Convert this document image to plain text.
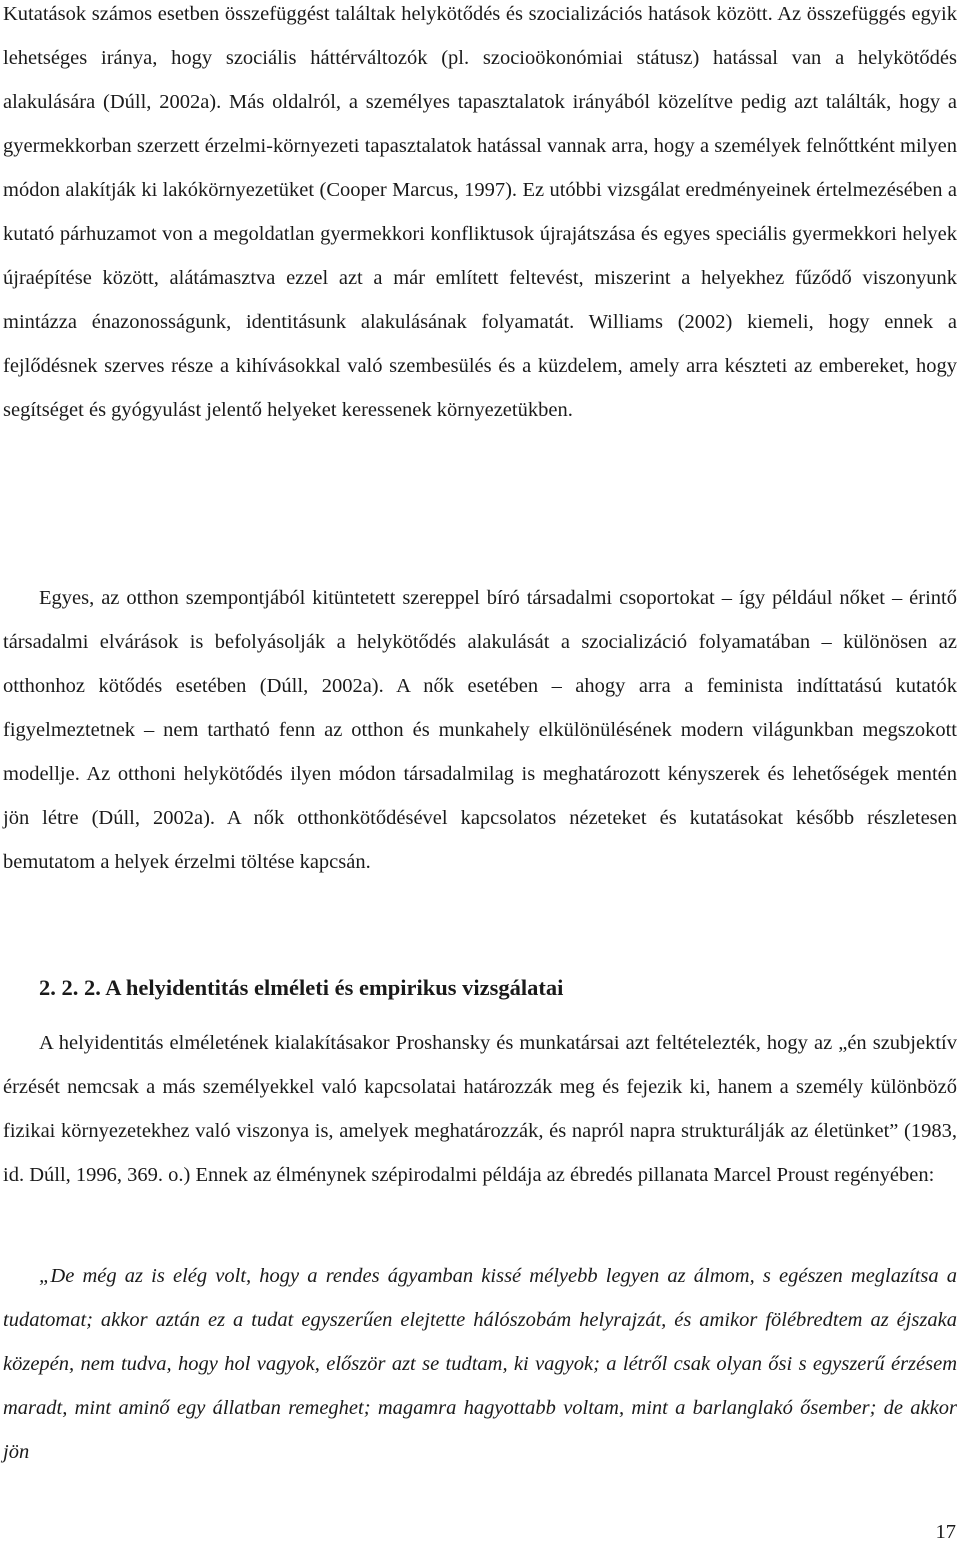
Kutatások számos esetben összefüggést találtak helykötődés és szocializációs hatások között. Az összefüggés egyik lehetséges iránya, hogy szociális háttérváltozók (pl. szocioökonómiai státusz) hatással van a helykötődés alakulására (Dúll, 2002a). Más oldalról, a személyes tapasztalatok irányából közelítve pedig azt találták, hogy a gyermekkorban szerzett érzelmi-környezeti tapasztalatok hatással vannak arra, hogy a személyek felnőttként milyen módon alakítják ki lakókörnyezetüket (Cooper Marcus, 1997). Ez utóbbi vizsgálat eredményeinek értelmezésében a kutató párhuzamot von a megoldatlan gyermekkori konfliktusok újrajátszása és egyes speciális gyermekkori helyek újraépítése között, alátámasztva ezzel azt a már említett feltevést, miszerint a helyekhez fűződő viszonyunk mintázza énazonosságunk, identitásunk alakulásának folyamatát. Williams (2002) kiemeli, hogy ennek a fejlődésnek szerves része a kihívásokkal való szembesülés és a küzdelem, amely arra készteti az embereket, hogy segítséget és gyógyulást jelentő helyeket keressenek környezetükben.

Egyes, az otthon szempontjából kitüntetett szereppel bíró társadalmi csoportokat – így például nőket – érintő társadalmi elvárások is befolyásolják a helykötődés alakulását a szocializáció folyamatában – különösen az otthonhoz kötődés esetében (Dúll, 2002a). A nők esetében – ahogy arra a feminista indíttatású kutatók figyelmeztetnek – nem tartható fenn az otthon és munkahely elkülönülésének modern világunkban megszokott modellje. Az otthoni helykötődés ilyen módon társadalmilag is meghatározott kényszerek és lehetőségek mentén jön létre (Dúll, 2002a). A nők otthonkötődésével kapcsolatos nézeteket és kutatásokat később részletesen bemutatom a helyek érzelmi töltése kapcsán.

2. 2. 2. A helyidentitás elméleti és empirikus vizsgálatai

A helyidentitás elméletének kialakításakor Proshansky és munkatársai azt feltételezték, hogy az „én szubjektív érzését nemcsak a más személyekkel való kapcsolatai határozzák meg és fejezik ki, hanem a személy különböző fizikai környezetekhez való viszonya is, amelyek meghatározzák, és napról napra strukturálják az életünket” (1983, id. Dúll, 1996, 369. o.) Ennek az élménynek szépirodalmi példája az ébredés pillanata Marcel Proust regényében:

„De még az is elég volt, hogy a rendes ágyamban kissé mélyebb legyen az álmom, s egészen meglazítsa a tudatomat; akkor aztán ez a tudat egyszerűen elejtette hálószobám helyrajzát, és amikor fölébredtem az éjszaka közepén, nem tudva, hogy hol vagyok, először azt se tudtam, ki vagyok; a létről csak olyan ősi s egyszerű érzésem maradt, mint aminő egy állatban remeghet; magamra hagyottabb voltam, mint a barlanglakó ősember; de akkor jön

17
